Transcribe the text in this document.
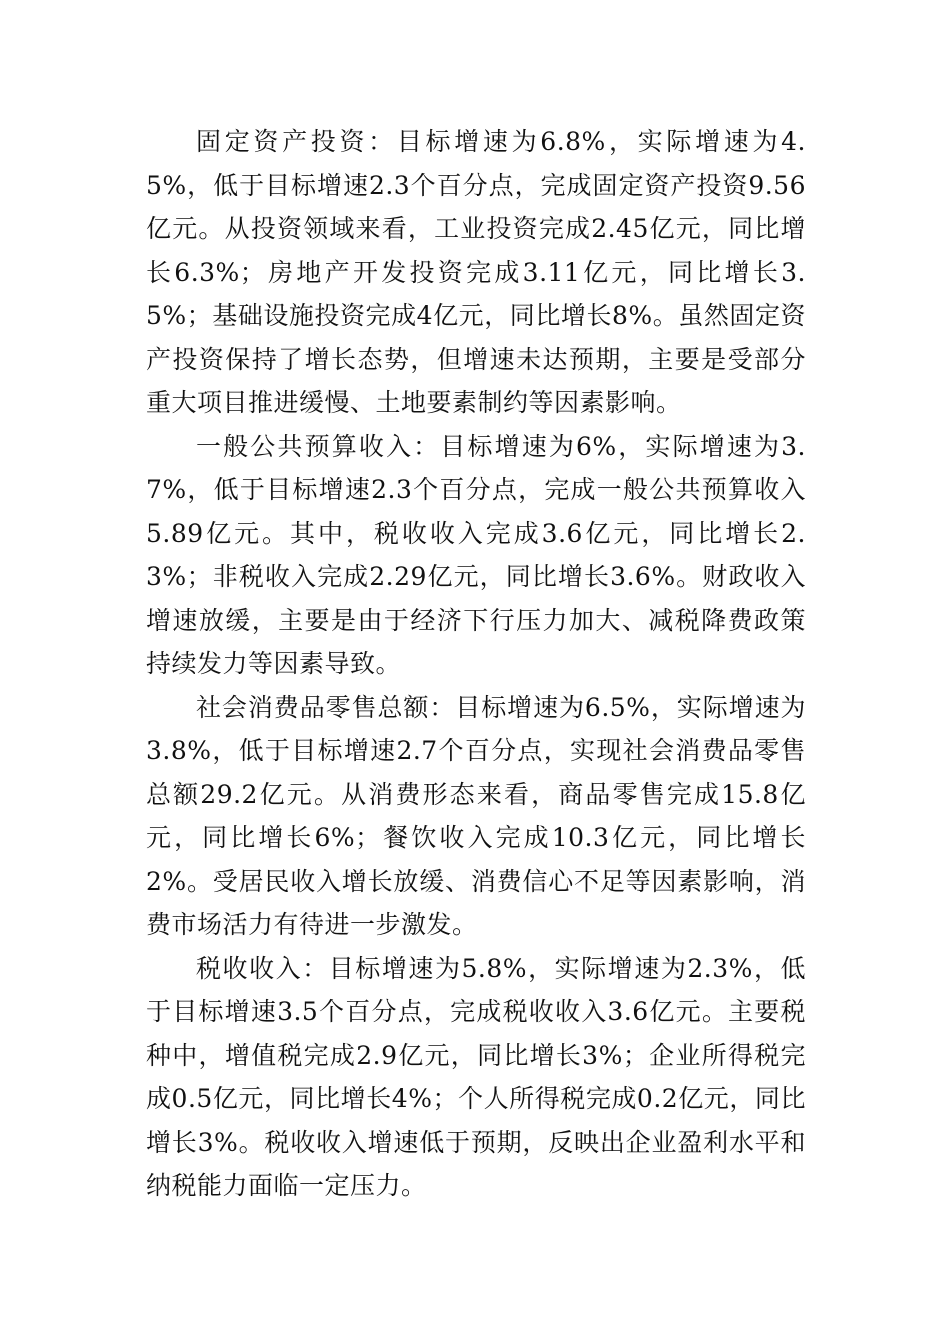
固定资产投资：目标增速为6.8%，实际增速为4.5%，低于目标增速2.3个百分点，完成固定资产投资9.56亿元。从投资领域来看，工业投资完成2.45亿元，同比增长6.3%；房地产开发投资完成3.11亿元，同比增长3.5%；基础设施投资完成4亿元，同比增长8%。虽然固定资产投资保持了增长态势，但增速未达预期，主要是受部分重大项目推进缓慢、土地要素制约等因素影响。

一般公共预算收入：目标增速为6%，实际增速为3.7%，低于目标增速2.3个百分点，完成一般公共预算收入5.89亿元。其中，税收收入完成3.6亿元，同比增长2.3%；非税收入完成2.29亿元，同比增长3.6%。财政收入增速放缓，主要是由于经济下行压力加大、减税降费政策持续发力等因素导致。

社会消费品零售总额：目标增速为6.5%，实际增速为3.8%，低于目标增速2.7个百分点，实现社会消费品零售总额29.2亿元。从消费形态来看，商品零售完成15.8亿元，同比增长6%；餐饮收入完成10.3亿元，同比增长2%。受居民收入增长放缓、消费信心不足等因素影响，消费市场活力有待进一步激发。

税收收入：目标增速为5.8%，实际增速为2.3%，低于目标增速3.5个百分点，完成税收收入3.6亿元。主要税种中，增值税完成2.9亿元，同比增长3%；企业所得税完成0.5亿元，同比增长4%；个人所得税完成0.2亿元，同比增长3%。税收收入增速低于预期，反映出企业盈利水平和纳税能力面临一定压力。
